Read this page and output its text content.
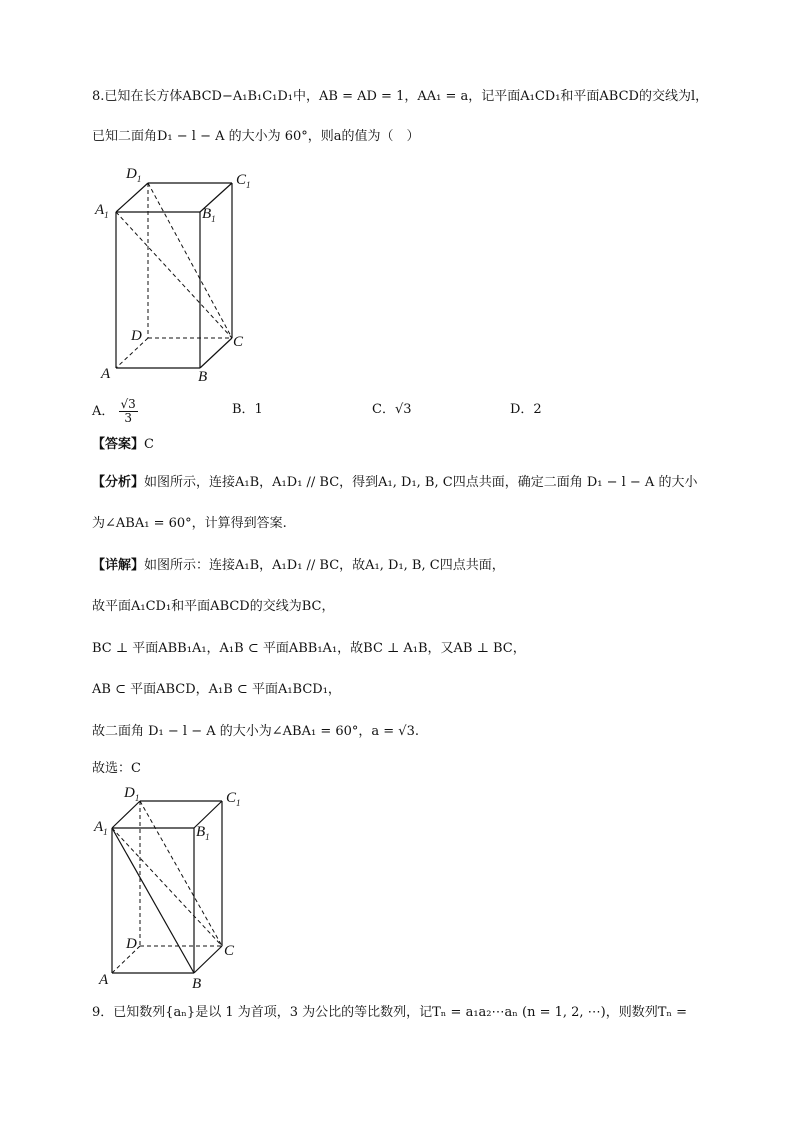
8.已知在长方体ABCD−A₁B₁C₁D₁中，AB = AD = 1，AA₁ = a，记平面A₁CD₁和平面ABCD的交线为l，
已知二面角D₁ − l − A 的大小为 60°，则a的值为（　）
$D_1$	$C_1$
$A_1$	$B_1$
D	C
A	B
A． $\frac{√3}{3}$	B．1	C．√3	D．2
【答案】C
【分析】如图所示，连接A₁B，A₁D₁ // BC，得到A₁, D₁, B, C四点共面，确定二面角 D₁ − l − A 的大小
为∠ABA₁ = 60°，计算得到答案.
【详解】如图所示：连接A₁B，A₁D₁ // BC，故A₁, D₁, B, C四点共面，
故平面A₁CD₁和平面ABCD的交线为BC，
BC ⊥ 平面ABB₁A₁，A₁B ⊂ 平面ABB₁A₁，故BC ⊥ A₁B，又AB ⊥ BC，
AB ⊂ 平面ABCD，A₁B ⊂ 平面A₁BCD₁，
故二面角 D₁ − l − A 的大小为∠ABA₁ = 60°，a = √3.
故选：C
$D_1$	$C_1$
$A_1$	$B_1$
D	C
A	B
9．已知数列{aₙ}是以 1 为首项，3 为公比的等比数列，记Tₙ = a₁a₂⋯aₙ (n = 1, 2, ⋯)，则数列Tₙ =
